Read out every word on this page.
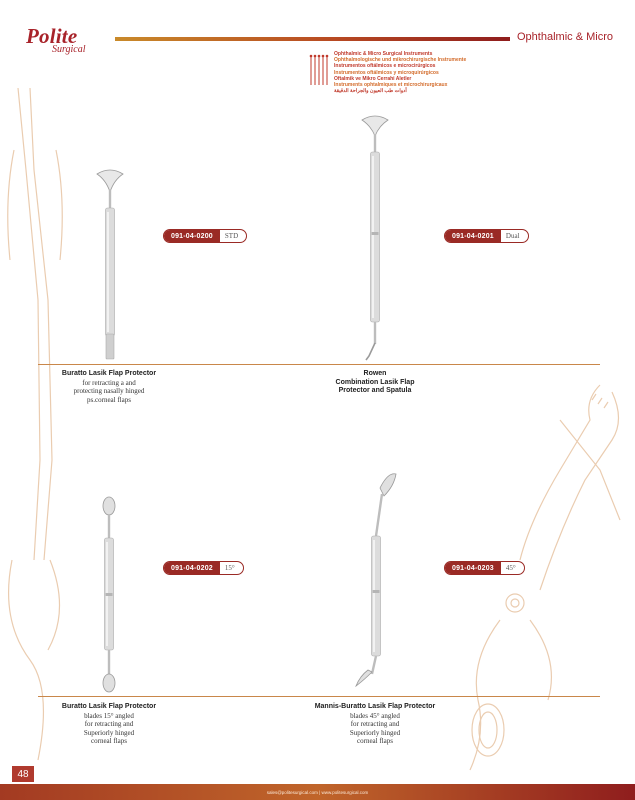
Polite
Surgical
Ophthalmic & Micro
Ophthalmic & Micro Surgical Instruments
Ophthalmologische und mikrochirurgische Instrumente
Instrumentos oftálmicos e microcirúrgicos
Instrumentos oftálmicos y microquirúrgicos
Oftalmik ve Mikro Cerrahi Aletler
Instruments ophtalmiques et microchirurgicaux
أدوات طب العيون والجراحة الدقيقة
091-04-0200	STD	091-04-0201	Dual
091-04-0202	15°	091-04-0203	45°
Buratto Lasik Flap Protector
for retracting a and
protecting nasally hinged
ps.corneal flaps
Rowen
Combination Lasik Flap
Protector and Spatula
Buratto Lasik Flap Protector
blades 15° angled
for retracting and
Superiorly hinged
corneal flaps
Mannis-Buratto Lasik Flap Protector
blades 45° angled
for retracting and
Superiorly hinged
corneal flaps
48
sales@politesurgical.com | www.politesurgical.com
